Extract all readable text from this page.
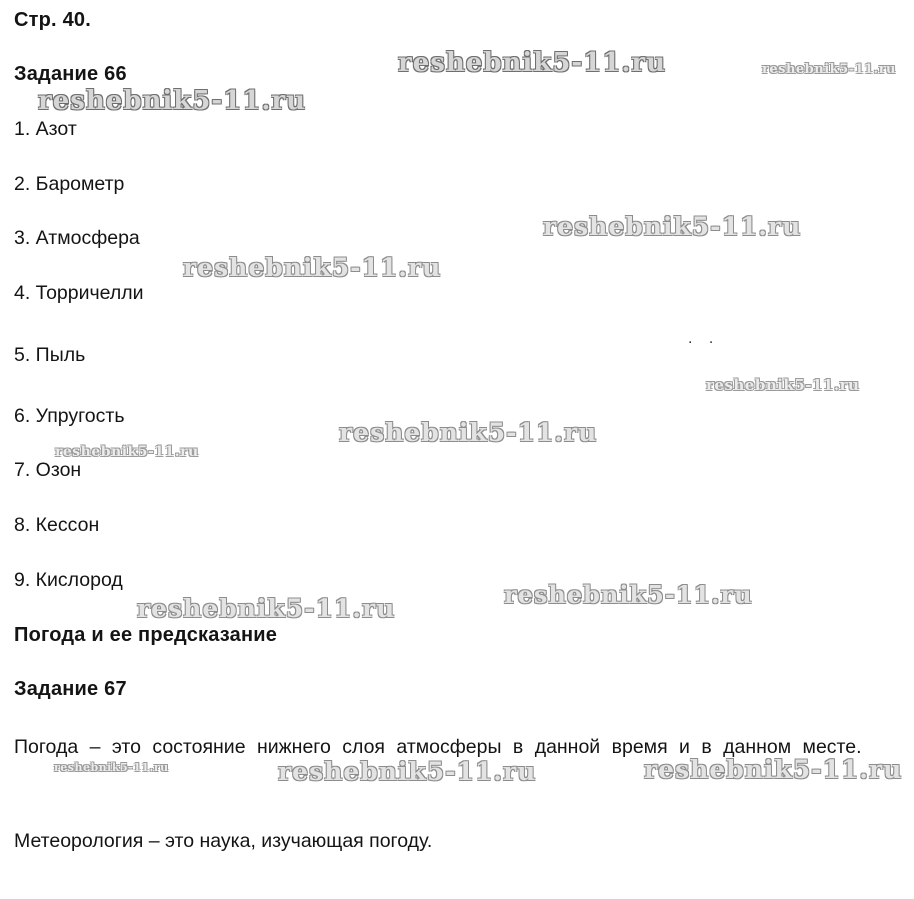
reshebnik5-11.ru	reshebnik5-11.ru
reshebnik5-11.ru
reshebnik5-11.ru
reshebnik5-11.ru
reshebnik5-11.ru
reshebnik5-11.ru
reshebnik5-11.ru
reshebnik5-11.ru
reshebnik5-11.ru
reshebnik5-11.ru	reshebnik5-11.ru	reshebnik5-11.ru
. .
Стр. 40.
Задание 66
1. Азот
2. Барометр
3. Атмосфера
4. Торричелли
5. Пыль
6. Упругость
7. Озон
8. Кессон
9. Кислород
Погода и ее предсказание
Задание 67
Погода – это состояние нижнего слоя атмосферы в данной время и в данном месте.
Метеорология – это наука, изучающая погоду.
